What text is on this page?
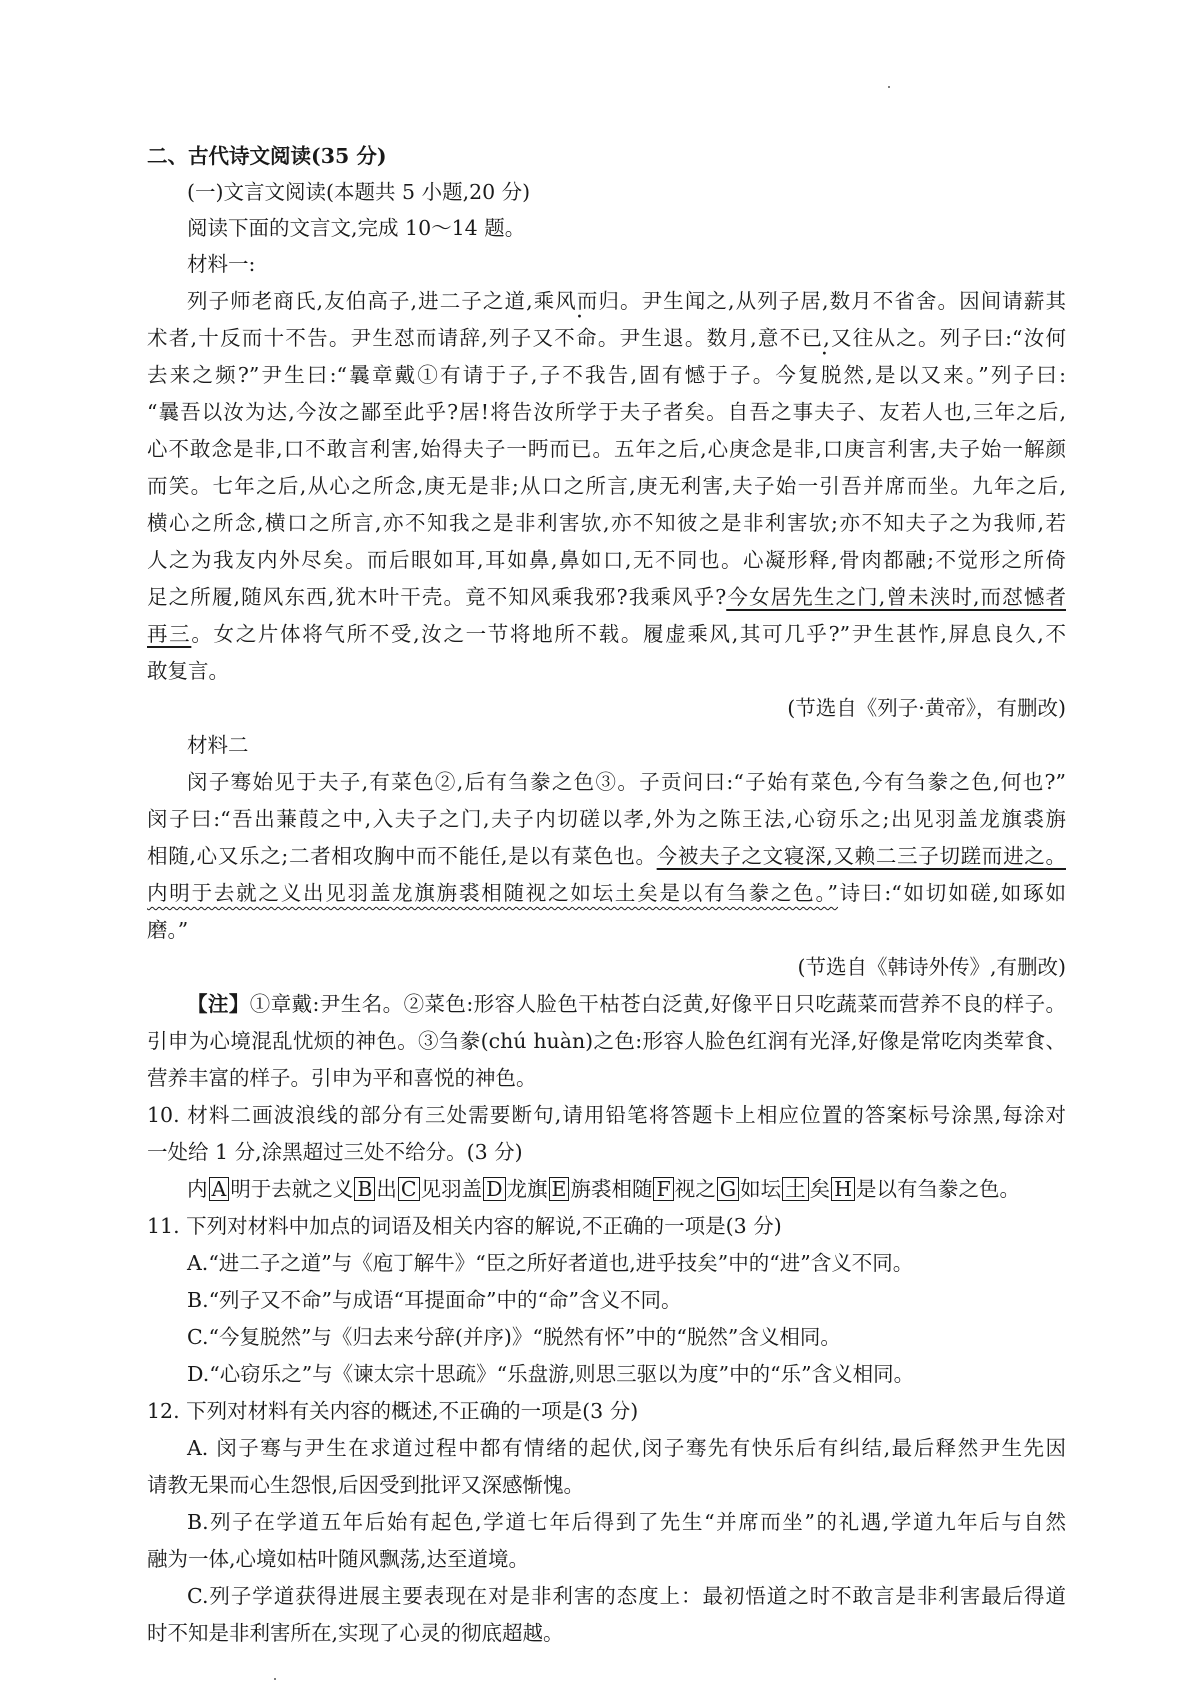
二、古代诗文阅读(35 分)
(一)文言文阅读(本题共 5 小题,20 分)
阅读下面的文言文,完成 10～14 题。
材料一:
列子师老商氏,友伯高子,进二子之道,乘风而归。尹生闻之,从列子居,数月不省舍。因间请薪其
术者,十反而十不告。尹生怼而请辞,列子又不命。尹生退。数月,意不已,又往从之。列子曰:“汝何
去来之频?”尹生曰:“曩章戴①有请于子,子不我告,固有憾于子。今复脱然,是以又来。”列子曰:
“曩吾以汝为达,今汝之鄙至此乎?居!将告汝所学于夫子者矣。自吾之事夫子、友若人也,三年之后,
心不敢念是非,口不敢言利害,始得夫子一眄而已。五年之后,心庚念是非,口庚言利害,夫子始一解颜
而笑。七年之后,从心之所念,庚无是非;从口之所言,庚无利害,夫子始一引吾并席而坐。九年之后,
横心之所念,横口之所言,亦不知我之是非利害欤,亦不知彼之是非利害欤;亦不知夫子之为我师,若
人之为我友内外尽矣。而后眼如耳,耳如鼻,鼻如口,无不同也。心凝形释,骨肉都融;不觉形之所倚
足之所履,随风东西,犹木叶干壳。竟不知风乘我邪?我乘风乎?今女居先生之门,曾未浃时,而怼憾者
再三。女之片体将气所不受,汝之一节将地所不载。履虚乘风,其可几乎?”尹生甚怍,屏息良久,不
敢复言。
(节选自《列子·黄帝》，有删改)
材料二
闵子骞始见于夫子,有菜色②,后有刍豢之色③。子贡问曰:“子始有菜色,今有刍豢之色,何也?”
闵子曰:“吾出蒹葭之中,入夫子之门,夫子内切磋以孝,外为之陈王法,心窃乐之;出见羽盖龙旗裘旃
相随,心又乐之;二者相攻胸中而不能任,是以有菜色也。今被夫子之文寝深,又赖二三子切蹉而进之。
内明于去就之义出见羽盖龙旗旃裘相随视之如坛土矣是以有刍豢之色。”诗曰:“如切如磋,如琢如
磨。”
(节选自《韩诗外传》,有删改)
【注】①章戴:尹生名。②菜色:形容人脸色干枯苍白泛黄,好像平日只吃蔬菜而营养不良的样子。
引申为心境混乱忧烦的神色。③刍豢(chú huàn)之色:形容人脸色红润有光泽,好像是常吃肉类荤食、
营养丰富的样子。引申为平和喜悦的神色。
10. 材料二画波浪线的部分有三处需要断句,请用铅笔将答题卡上相应位置的答案标号涂黑,每涂对
一处给 1 分,涂黑超过三处不给分。(3 分)
内 A 明于去就之义 B 出 C 见羽盖 D 龙旗 E 旃裘相随 F 视之 G 如坛 土 矣 H 是以有刍豢之色。
11. 下列对材料中加点的词语及相关内容的解说,不正确的一项是(3 分)
A.“进二子之道”与《庖丁解牛》“臣之所好者道也,进乎技矣”中的“进”含义不同。
B.“列子又不命”与成语“耳提面命”中的“命”含义不同。
C.“今复脱然”与《归去来兮辞(并序)》“脱然有怀”中的“脱然”含义相同。
D.“心窃乐之”与《谏太宗十思疏》“乐盘游,则思三驱以为度”中的“乐”含义相同。
12. 下列对材料有关内容的概述,不正确的一项是(3 分)
A. 闵子骞与尹生在求道过程中都有情绪的起伏,闵子骞先有快乐后有纠结,最后释然尹生先因
请教无果而心生怨恨,后因受到批评又深感惭愧。
B.列子在学道五年后始有起色,学道七年后得到了先生“并席而坐”的礼遇,学道九年后与自然
融为一体,心境如枯叶随风飘荡,达至道境。
C.列子学道获得进展主要表现在对是非利害的态度上：最初悟道之时不敢言是非利害最后得道
时不知是非利害所在,实现了心灵的彻底超越。
